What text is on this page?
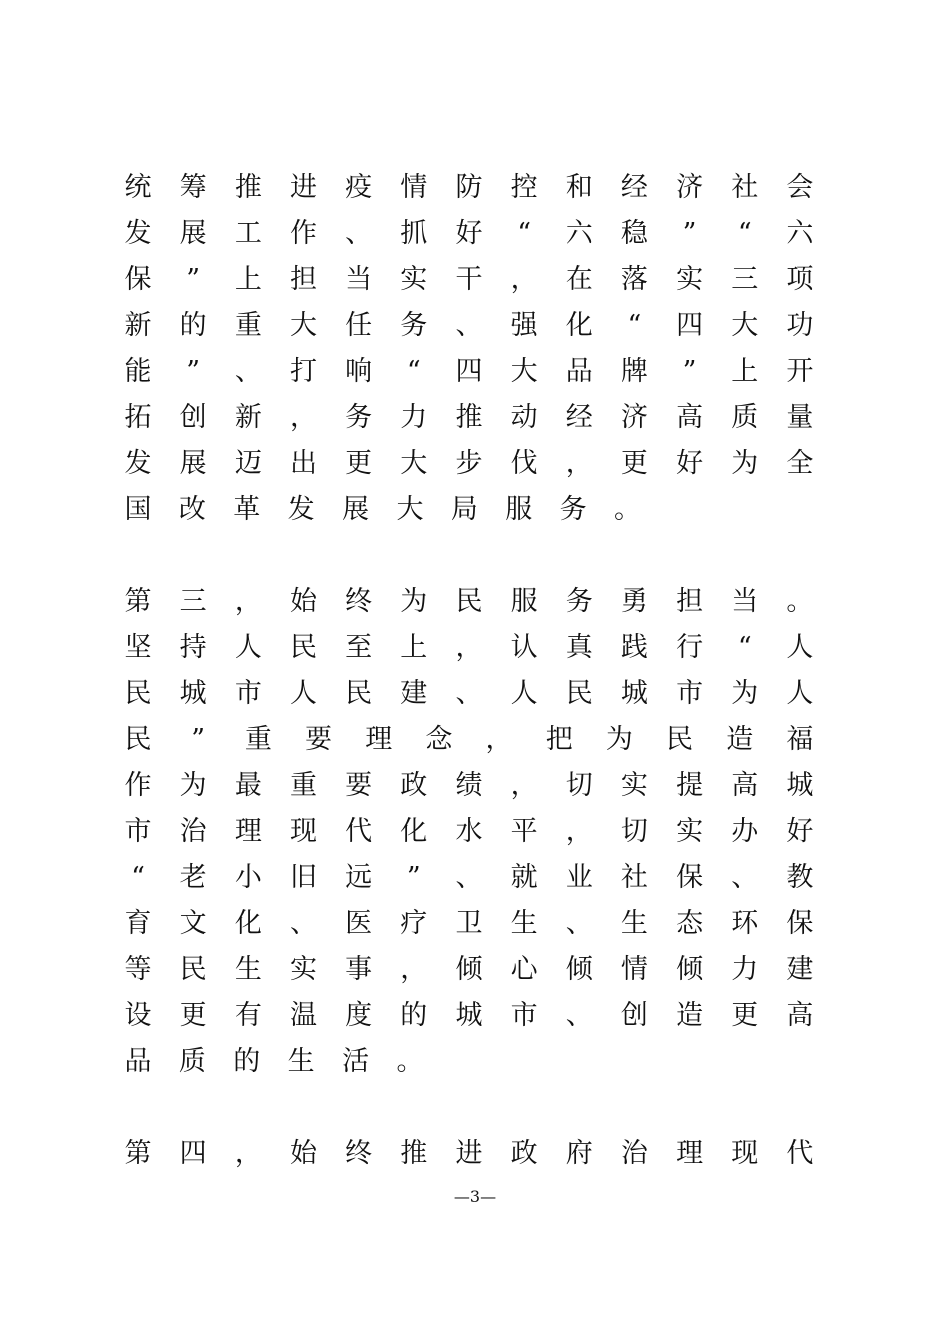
统 筹 推 进 疫 情 防 控 和 经 济 社 会
发 展 工 作 、 抓 好 “ 六 稳 ” “ 六
保 ” 上 担 当 实 干 ， 在 落 实 三 项
新 的 重 大 任 务 、 强 化 “ 四 大 功
能 ” 、 打 响 “ 四 大 品 牌 ” 上 开
拓 创 新 ， 务 力 推 动 经 济 高 质 量
发 展 迈 出 更 大 步 伐 ， 更 好 为 全
国 改 革 发 展 大 局 服 务 。
第 三 ， 始 终 为 民 服 务 勇 担 当 。
坚 持 人 民 至 上 ， 认 真 践 行 “ 人
民 城 市 人 民 建 、 人 民 城 市 为 人
民 ” 重 要 理 念 ， 把 为 民 造 福
作 为 最 重 要 政 绩 ， 切 实 提 高 城
市 治 理 现 代 化 水 平 ， 切 实 办 好
“ 老 小 旧 远 ” 、 就 业 社 保 、 教
育 文 化 、 医 疗 卫 生 、 生 态 环 保
等 民 生 实 事 ， 倾 心 倾 情 倾 力 建
设 更 有 温 度 的 城 市 、 创 造 更 高
品 质 的 生 活 。
第 四 ， 始 终 推 进 政 府 治 理 现 代
—3—
